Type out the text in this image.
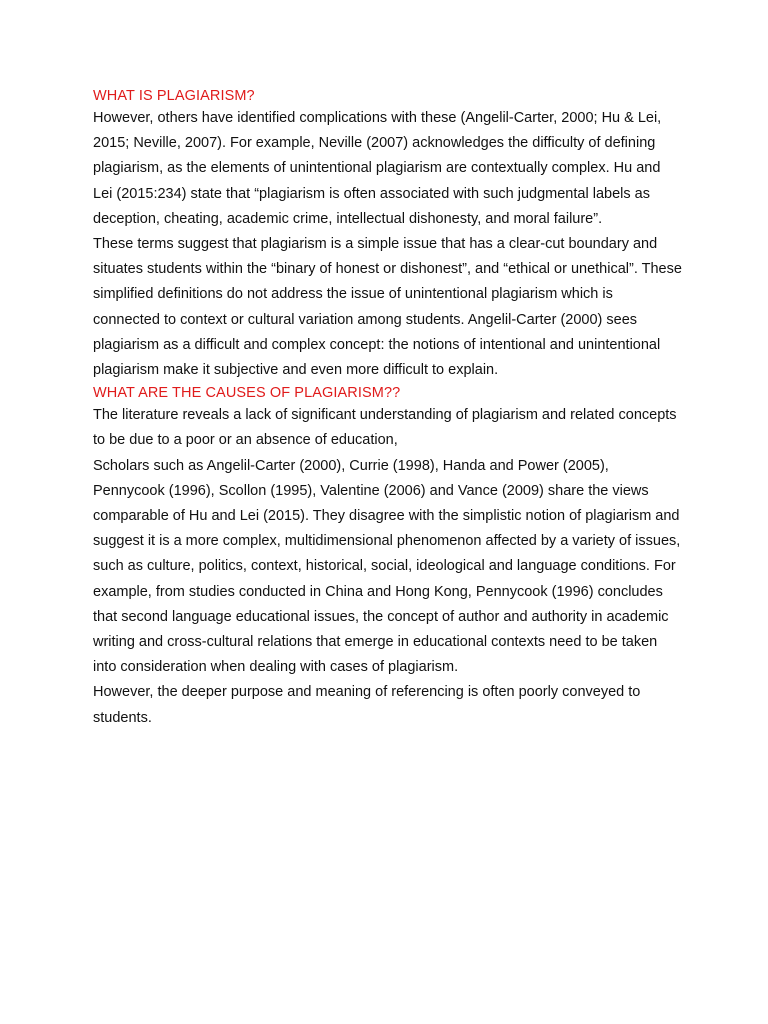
WHAT IS PLAGIARISM?

However, others have identified complications with these (Angelil-Carter, 2000; Hu & Lei, 2015; Neville, 2007). For example, Neville (2007) acknowledges the difficulty of defining plagiarism, as the elements of unintentional plagiarism are contextually complex. Hu and Lei (2015:234) state that “plagiarism is often associated with such judgmental labels as deception, cheating, academic crime, intellectual dishonesty, and moral failure”.

These terms suggest that plagiarism is a simple issue that has a clear-cut boundary and situates students within the “binary of honest or dishonest”, and “ethical or unethical”. These simplified definitions do not address the issue of unintentional plagiarism which is connected to context or cultural variation among students. Angelil-Carter (2000) sees plagiarism as a difficult and complex concept: the notions of intentional and unintentional plagiarism make it subjective and even more difficult to explain.

WHAT ARE THE CAUSES OF PLAGIARISM??

The literature reveals a lack of significant understanding of plagiarism and related concepts to be due to a poor or an absence of education,

Scholars such as Angelil-Carter (2000), Currie (1998), Handa and Power (2005), Pennycook (1996), Scollon (1995), Valentine (2006) and Vance (2009) share the views comparable of Hu and Lei (2015). They disagree with the simplistic notion of plagiarism and suggest it is a more complex, multidimensional phenomenon affected by a variety of issues, such as culture, politics, context, historical, social, ideological and language conditions. For example, from studies conducted in China and Hong Kong, Pennycook (1996) concludes that second language educational issues, the concept of author and authority in academic writing and cross-cultural relations that emerge in educational contexts need to be taken into consideration when dealing with cases of plagiarism.

However, the deeper purpose and meaning of referencing is often poorly conveyed to students.
